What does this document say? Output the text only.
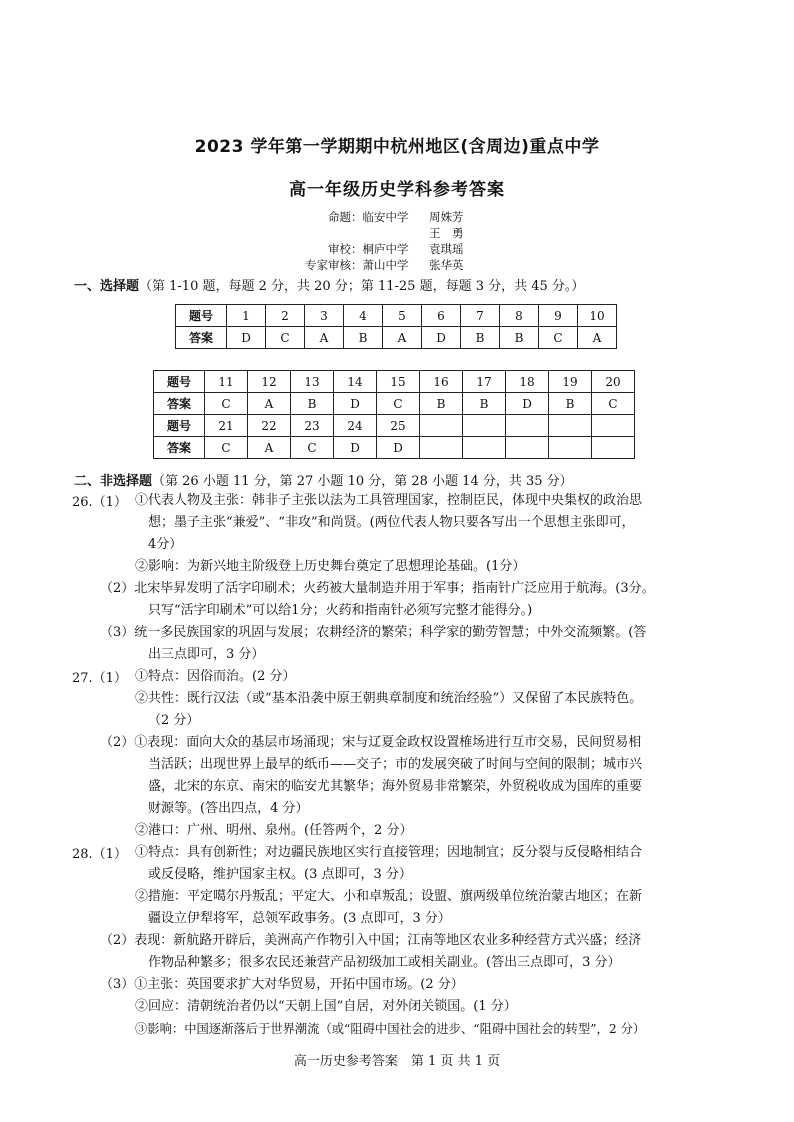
2023 学年第一学期期中杭州地区(含周边)重点中学
高一年级历史学科参考答案
命题：临安中学 周姝芳
王　勇
审校：桐庐中学 袁琪瑶
专家审核：萧山中学 张华英
一、选择题（第 1-10 题，每题 2 分，共 20 分；第 11-25 题，每题 3 分，共 45 分。）
题号	1	2	3	4	5	6	7	8	9	10
答案	D	C	A	B	A	D	B	B	C	A
题号	11	12	13	14	15	16	17	18	19	20
答案	C	A	B	D	C	B	B	D	B	C
题号	21	22	23	24	25					
答案	C	A	C	D	D					
二、非选择题（第 26 小题 11 分，第 27 小题 10 分，第 28 小题 14 分，共 35 分）
26.（1） ①代表人物及主张：韩非子主张以法为工具管理国家，控制臣民，体现中央集权的政治思
想；墨子主张“兼爱”、“非攻”和尚贤。(两位代表人物只要各写出一个思想主张即可，
4分）
②影响：为新兴地主阶级登上历史舞台奠定了思想理论基础。(1分）
（2）北宋毕昇发明了活字印刷术；火药被大量制造并用于军事；指南针广泛应用于航海。(3分。
只写“活字印刷术”可以给1分；火药和指南针必须写完整才能得分。)
（3）统一多民族国家的巩固与发展；农耕经济的繁荣；科学家的勤劳智慧；中外交流频繁。(答
出三点即可，3 分）
27.（1） ①特点：因俗而治。(2 分）
②共性：既行汉法（或“基本沿袭中原王朝典章制度和统治经验”）又保留了本民族特色。
（2 分）
（2）①表现：面向大众的基层市场涌现；宋与辽夏金政权设置榷场进行互市交易，民间贸易相
当活跃；出现世界上最早的纸币——交子；市的发展突破了时间与空间的限制；城市兴
盛，北宋的东京、南宋的临安尤其繁华；海外贸易非常繁荣，外贸税收成为国库的重要
财源等。(答出四点，4 分）
②港口：广州、明州、泉州。(任答两个，2 分）
28.（1） ①特点：具有创新性；对边疆民族地区实行直接管理；因地制宜；反分裂与反侵略相结合
或反侵略，维护国家主权。(3 点即可，3 分）
②措施：平定噶尔丹叛乱；平定大、小和卓叛乱；设盟、旗两级单位统治蒙古地区；在新
疆设立伊犁将军，总领军政事务。(3 点即可，3 分）
（2）表现：新航路开辟后，美洲高产作物引入中国；江南等地区农业多种经营方式兴盛；经济
作物品种繁多；很多农民还兼营产品初级加工或相关副业。(答出三点即可，3 分）
（3）①主张：英国要求扩大对华贸易，开拓中国市场。(2 分）
②回应：清朝统治者仍以“天朝上国”自居，对外闭关锁国。(1 分）
③影响：中国逐渐落后于世界潮流（或“阻碍中国社会的进步、“阻碍中国社会的转型”，2 分）
高一历史参考答案　第 1 页 共 1 页
